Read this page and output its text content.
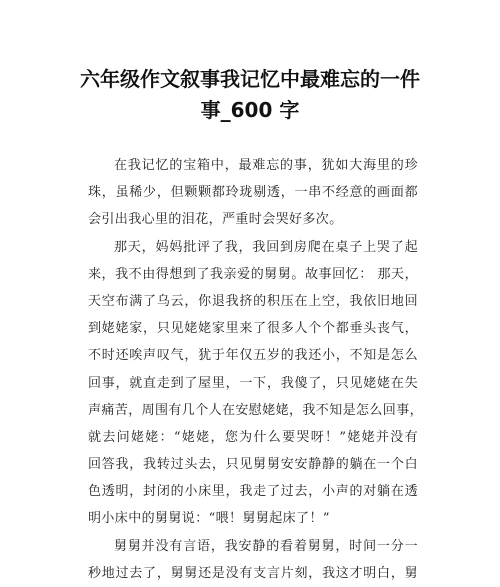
六年级作文叙事我记忆中最难忘的一件
事_600 字
在我记忆的宝箱中，最难忘的事，犹如大海里的珍
珠，虽稀少，但颗颗都玲珑剔透，一串不经意的画面都
会引出我心里的泪花，严重时会哭好多次。
那天，妈妈批评了我，我回到房爬在桌子上哭了起
来，我不由得想到了我亲爱的舅舅。故事回忆： 那天，
天空布满了乌云，你退我挤的积压在上空，我依旧地回
到姥姥家，只见姥姥家里来了很多人个个都垂头丧气，
不时还唉声叹气，犹于年仅五岁的我还小，不知是怎么
回事，就直走到了屋里，一下，我傻了，只见姥姥在失
声痛苦，周围有几个人在安慰姥姥，我不知是怎么回事，
就去问姥姥：“姥姥，您为什么要哭呀！”姥姥并没有
回答我，我转过头去，只见舅舅安安静静的躺在一个白
色透明，封闭的小床里，我走了过去，小声的对躺在透
明小床中的舅舅说：“喂！舅舅起床了！”
舅舅并没有言语，我安静的看着舅舅，时间一分一
秒地过去了，舅舅还是没有支言片刻，我这才明白，舅
